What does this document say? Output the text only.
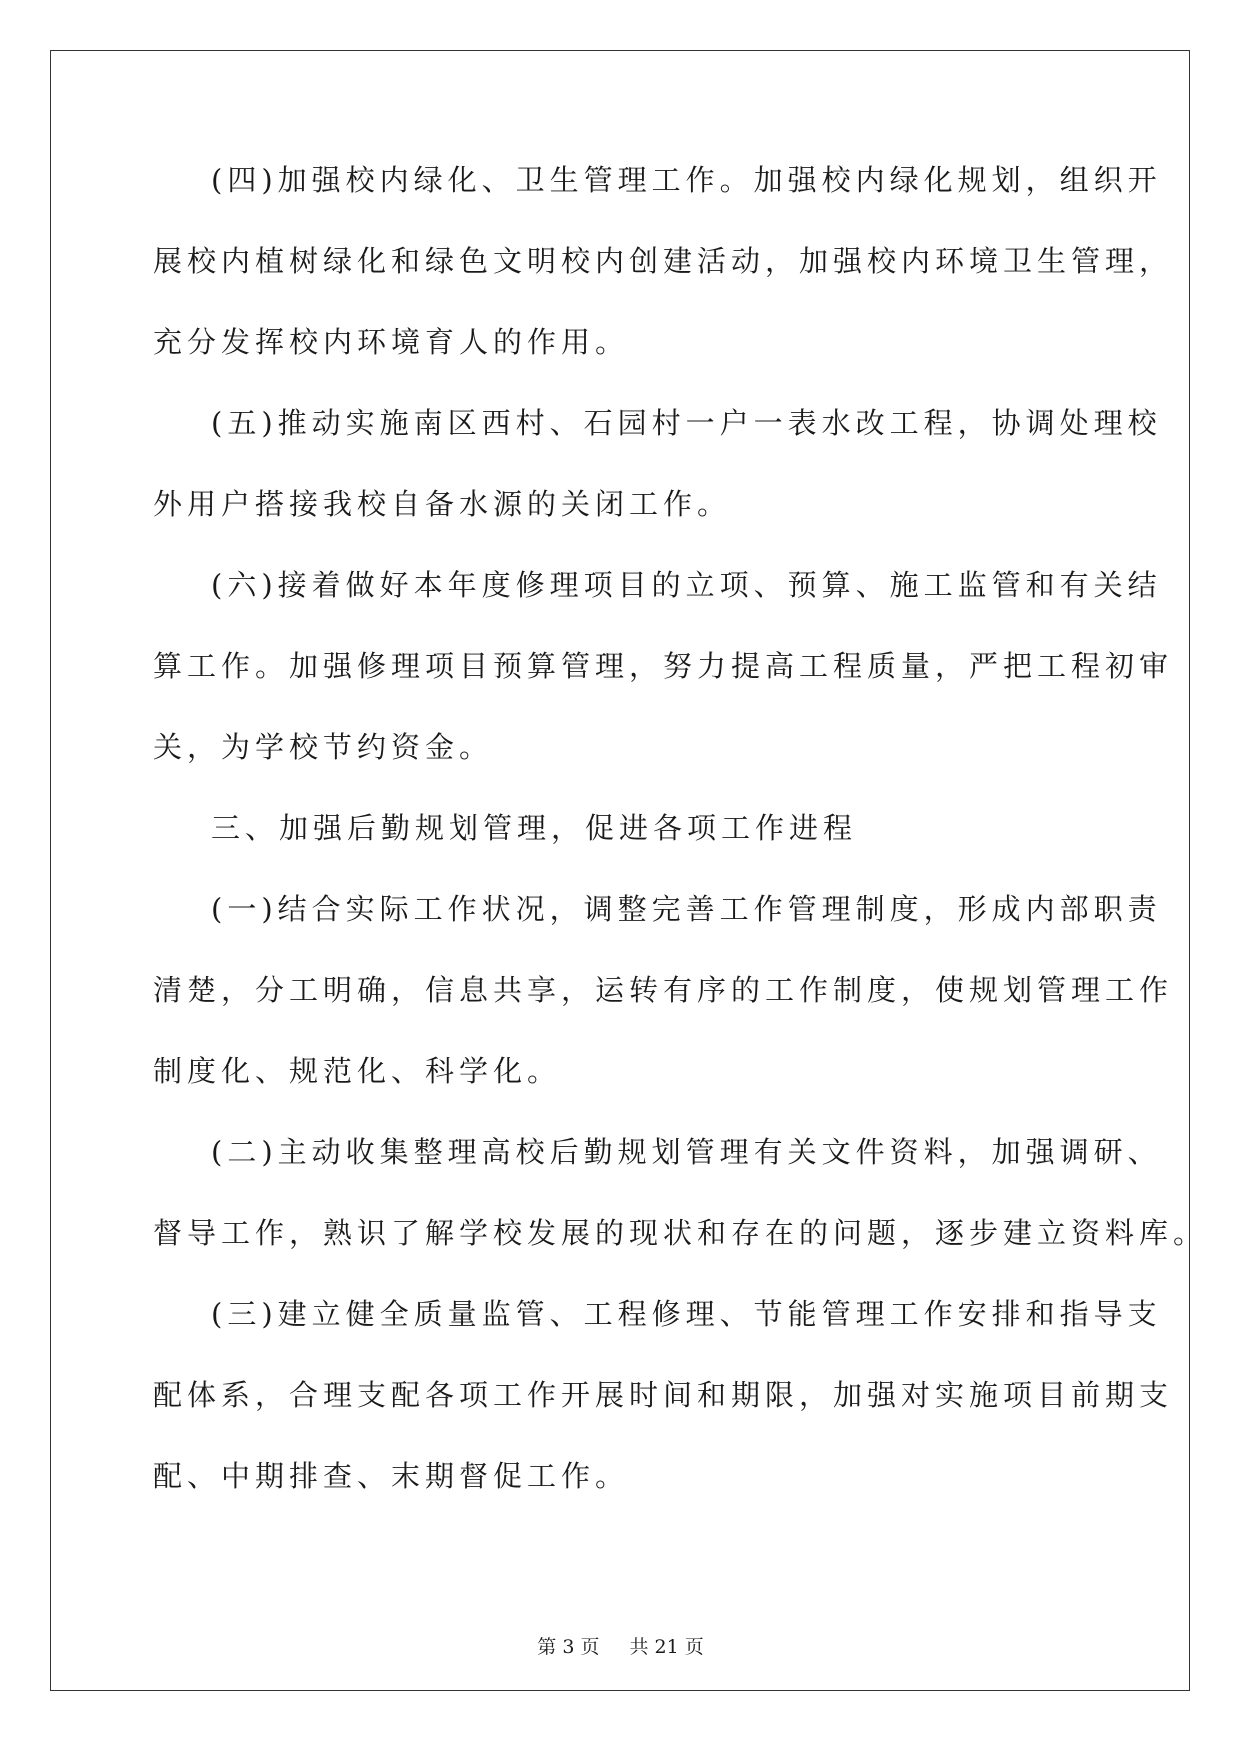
(四)加强校内绿化、卫生管理工作。加强校内绿化规划，组织开
展校内植树绿化和绿色文明校内创建活动，加强校内环境卫生管理，
充分发挥校内环境育人的作用。
(五)推动实施南区西村、石园村一户一表水改工程，协调处理校
外用户搭接我校自备水源的关闭工作。
(六)接着做好本年度修理项目的立项、预算、施工监管和有关结
算工作。加强修理项目预算管理，努力提高工程质量，严把工程初审
关，为学校节约资金。
三、加强后勤规划管理，促进各项工作进程
(一)结合实际工作状况，调整完善工作管理制度，形成内部职责
清楚，分工明确，信息共享，运转有序的工作制度，使规划管理工作
制度化、规范化、科学化。
(二)主动收集整理高校后勤规划管理有关文件资料，加强调研、
督导工作，熟识了解学校发展的现状和存在的问题，逐步建立资料库。
(三)建立健全质量监管、工程修理、节能管理工作安排和指导支
配体系，合理支配各项工作开展时间和期限，加强对实施项目前期支
配、中期排查、末期督促工作。
第 3 页 共 21 页
